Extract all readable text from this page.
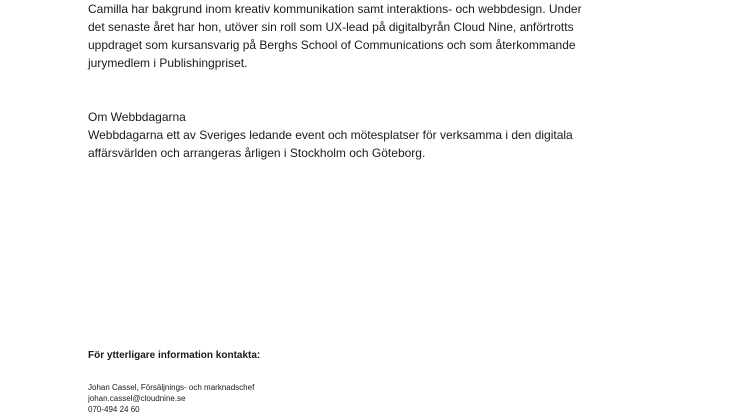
Camilla har bakgrund inom kreativ kommunikation samt interaktions- och webbdesign. Under
det senaste året har hon, utöver sin roll som UX-lead på digitalbyrån Cloud Nine, anförtrotts
uppdraget som kursansvarig på Berghs School of Communications och som återkommande
jurymedlem i Publishingpriset.
Om Webbdagarna
Webbdagarna ett av Sveriges ledande event och mötesplatser för verksamma i den digitala
affärsvärlden och arrangeras årligen i Stockholm och Göteborg.

För ytterligare information kontakta:

Johan Cassel, Försäljnings- och marknadschef
johan.cassel@cloudnine.se
070-494 24 60
